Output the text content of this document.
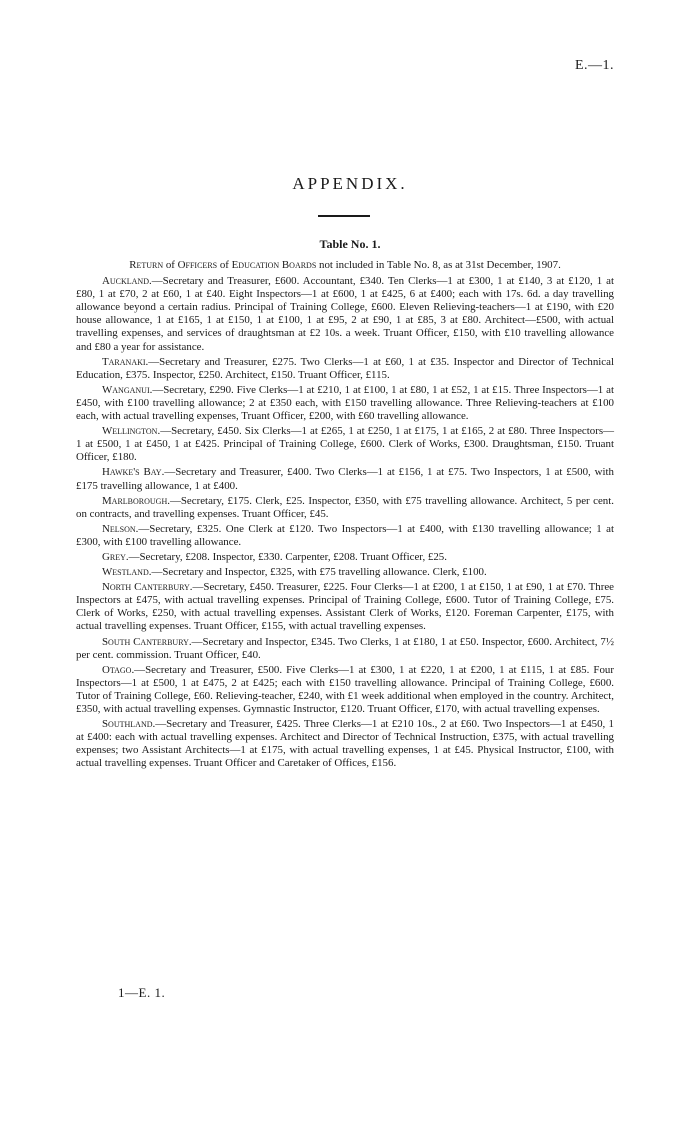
E.—1.
APPENDIX.
Table No. 1.

Return of Officers of Education Boards not included in Table No. 8, as at 31st December, 1907.

Auckland.—Secretary and Treasurer, £600. Accountant, £340. Ten Clerks—1 at £300, 1 at £140, 3 at £120, 1 at £80, 1 at £70, 2 at £60, 1 at £40. Eight Inspectors—1 at £600, 1 at £425, 6 at £400; each with 17s. 6d. a day travelling allowance beyond a certain radius. Principal of Training College, £600. Eleven Relieving-teachers—1 at £190, with £20 house allowance, 1 at £165, 1 at £150, 1 at £100, 1 at £95, 2 at £90, 1 at £85, 3 at £80. Architect—£500, with actual travelling expenses, and services of draughtsman at £2 10s. a week. Truant Officer, £150, with £10 travelling allowance and £80 a year for assistance.

Taranaki.—Secretary and Treasurer, £275. Two Clerks—1 at £60, 1 at £35. Inspector and Director of Technical Education, £375. Inspector, £250. Architect, £150. Truant Officer, £115.

Wanganui.—Secretary, £290. Five Clerks—1 at £210, 1 at £100, 1 at £80, 1 at £52, 1 at £15. Three Inspectors—1 at £450, with £100 travelling allowance; 2 at £350 each, with £150 travelling allowance. Three Relieving-teachers at £100 each, with actual travelling expenses, Truant Officer, £200, with £60 travelling allowance.

Wellington.—Secretary, £450. Six Clerks—1 at £265, 1 at £250, 1 at £175, 1 at £165, 2 at £80. Three Inspectors—1 at £500, 1 at £450, 1 at £425. Principal of Training College, £600. Clerk of Works, £300. Draughtsman, £150. Truant Officer, £180.

Hawke's Bay.—Secretary and Treasurer, £400. Two Clerks—1 at £156, 1 at £75. Two Inspectors, 1 at £500, with £175 travelling allowance, 1 at £400.

Marlborough.—Secretary, £175. Clerk, £25. Inspector, £350, with £75 travelling allowance. Architect, 5 per cent. on contracts, and travelling expenses. Truant Officer, £45.

Nelson.—Secretary, £325. One Clerk at £120. Two Inspectors—1 at £400, with £130 travelling allowance; 1 at £300, with £100 travelling allowance.

Grey.—Secretary, £208. Inspector, £330. Carpenter, £208. Truant Officer, £25.

Westland.—Secretary and Inspector, £325, with £75 travelling allowance. Clerk, £100.

North Canterbury.—Secretary, £450. Treasurer, £225. Four Clerks—1 at £200, 1 at £150, 1 at £90, 1 at £70. Three Inspectors at £475, with actual travelling expenses. Principal of Training College, £600. Tutor of Training College, £75. Clerk of Works, £250, with actual travelling expenses. Assistant Clerk of Works, £120. Foreman Carpenter, £175, with actual travelling expenses. Truant Officer, £155, with actual travelling expenses.

South Canterbury.—Secretary and Inspector, £345. Two Clerks, 1 at £180, 1 at £50. Inspector, £600. Architect, 7½ per cent. commission. Truant Officer, £40.

Otago.—Secretary and Treasurer, £500. Five Clerks—1 at £300, 1 at £220, 1 at £200, 1 at £115, 1 at £85. Four Inspectors—1 at £500, 1 at £475, 2 at £425; each with £150 travelling allowance. Principal of Training College, £600. Tutor of Training College, £60. Relieving-teacher, £240, with £1 week additional when employed in the country. Architect, £350, with actual travelling expenses. Gymnastic Instructor, £120. Truant Officer, £170, with actual travelling expenses.

Southland.—Secretary and Treasurer, £425. Three Clerks—1 at £210 10s., 2 at £60. Two Inspectors—1 at £450, 1 at £400: each with actual travelling expenses. Architect and Director of Technical Instruction, £375, with actual travelling expenses; two Assistant Architects—1 at £175, with actual travelling expenses, 1 at £45. Physical Instructor, £100, with actual travelling expenses. Truant Officer and Caretaker of Offices, £156.

1—E. 1.
